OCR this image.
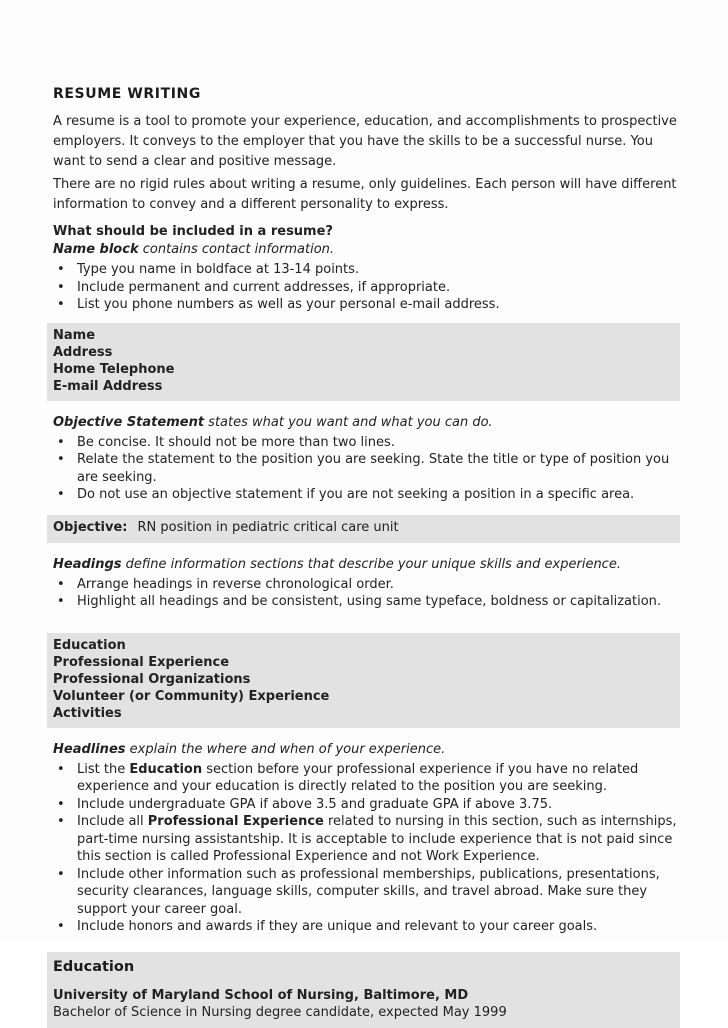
RESUME WRITING

A resume is a tool to promote your experience, education, and accomplishments to prospective employers. It conveys to the employer that you have the skills to be a successful nurse. You want to send a clear and positive message.

There are no rigid rules about writing a resume, only guidelines. Each person will have different information to convey and a different personality to express.

What should be included in a resume?

Name block contains contact information.

• Type you name in boldface at 13-14 points.
• Include permanent and current addresses, if appropriate.
• List you phone numbers as well as your personal e-mail address.
Name
Address
Home Telephone
E-mail Address

Objective Statement states what you want and what you can do.

• Be concise. It should not be more than two lines.
• Relate the statement to the position you are seeking. State the title or type of position you are seeking.
• Do not use an objective statement if you are not seeking a position in a specific area.
Objective: RN position in pediatric critical care unit

Headings define information sections that describe your unique skills and experience.

• Arrange headings in reverse chronological order.
• Highlight all headings and be consistent, using same typeface, boldness or capitalization.
Education
Professional Experience
Professional Organizations
Volunteer (or Community) Experience
Activities

Headlines explain the where and when of your experience.

• List the Education section before your professional experience if you have no related experience and your education is directly related to the position you are seeking.
• Include undergraduate GPA if above 3.5 and graduate GPA if above 3.75.
• Include all Professional Experience related to nursing in this section, such as internships, part-time nursing assistantship. It is acceptable to include experience that is not paid since this section is called Professional Experience and not Work Experience.
• Include other information such as professional memberships, publications, presentations, security clearances, language skills, computer skills, and travel abroad. Make sure they support your career goal.
• Include honors and awards if they are unique and relevant to your career goals.
Education
University of Maryland School of Nursing, Baltimore, MD
Bachelor of Science in Nursing degree candidate, expected May 1999
